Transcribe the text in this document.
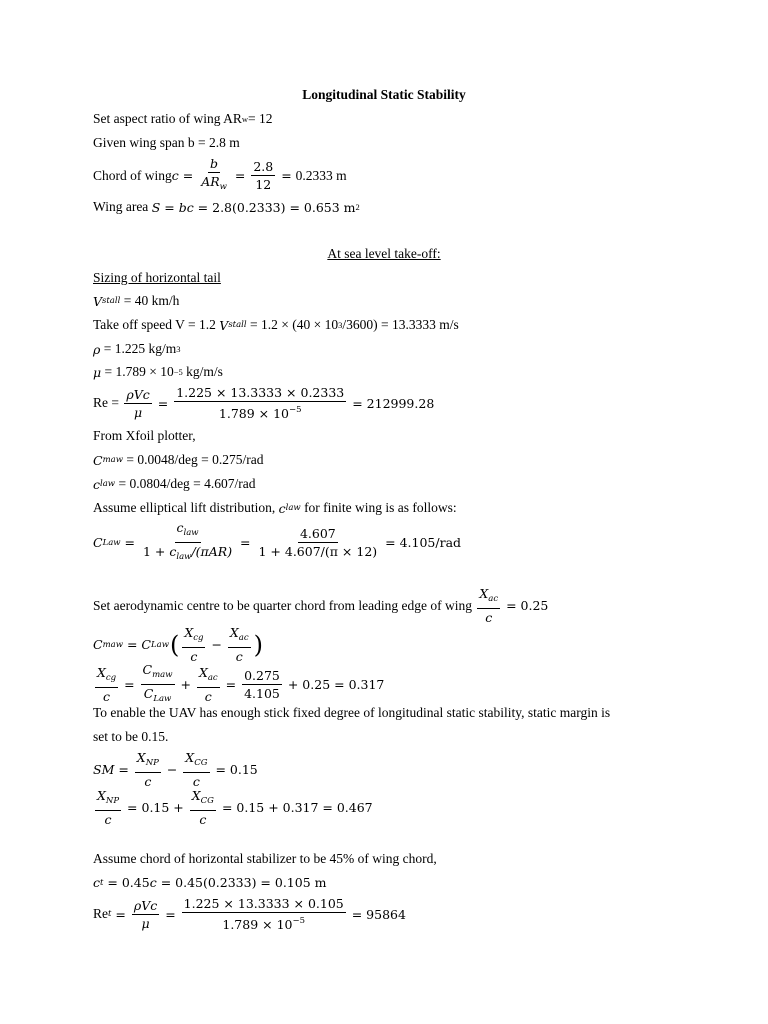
Longitudinal Static Stability
Set aspect ratio of wing AR w = 12
Given wing span b = 2.8 m
Chord of wing $c = \frac{b}{AR_w} = \frac{2.8}{12} = 0.2333$ m
Wing area S = bc = 2.8(0.2333) = 0.653 m 2
At sea level take-off:
Sizing of horizontal tail
V stall = 40 km/h
Take off speed V = 1.2 V stall = 1.2 × (40 × 10 3 /3600) = 13.3333 m/s
ρ = 1.225 kg/m 3
μ = 1.789 × 10 −5 kg/m/s
$Re = \frac{\text{ρVc}}{\mu} = \frac{1.225 \times 13.3333 \times 0.2333}{1.789 \times 10^{-5}} = 212999.28$
From Xfoil plotter,
C maw = 0.0048/deg = 0.275/rad
c law = 0.0804/deg = 4.607/rad
Assume elliptical lift distribution, c law for finite wing is as follows:
C Law = $\frac{c_{law}}{1 + c_{law}/(\pi AR)} = \frac{4.607}{1 + 4.607/(\pi \times 12)} = 4.105/rad$
Set aerodynamic centre to be quarter chord from leading edge of wing $\frac{X_{ac}}{c} = 0.25$
C maw = C Law ( $\frac{X_{cg}}{c} - \frac{X_{ac}}{c}$ )
$\frac{X_{cg}}{c} = \frac{C_{maw}}{C_{Law}} + \frac{X_{ac}}{c} = \frac{0.275}{4.105} + 0.25 = 0.317$
To enable the UAV has enough stick fixed degree of longitudinal static stability, static margin is
set to be 0.15.
SM = $\frac{X_{NP}}{c} - \frac{X_{CG}}{c} = 0.15$
$\frac{X_{NP}}{c} = 0.15 + \frac{X_{CG}}{c} = 0.15 + 0.317 = 0.467$
Assume chord of horizontal stabilizer to be 45% of wing chord,
c t = 0.45 c = 0.45(0.2333) = 0.105 m
Re $t = \frac{\text{ρVc}}{\mu} = \frac{1.225 \times 13.3333 \times 0.105}{1.789 \times 10^{-5}} = 95864$
